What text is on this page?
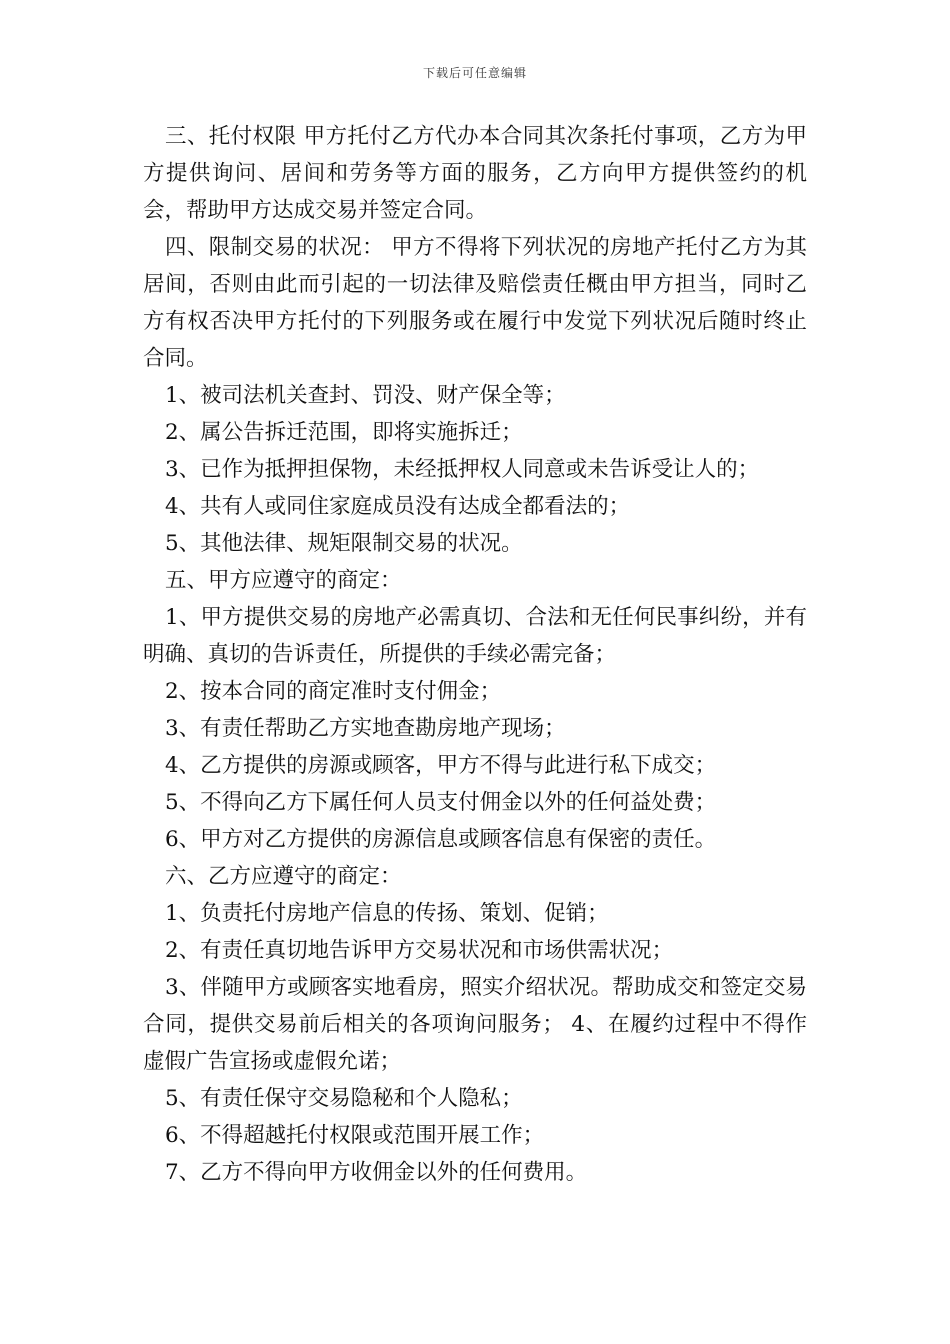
下载后可任意编辑

三、托付权限 甲方托付乙方代办本合同其次条托付事项，乙方为甲方提供询问、居间和劳务等方面的服务，乙方向甲方提供签约的机会，帮助甲方达成交易并签定合同。

四、限制交易的状况： 甲方不得将下列状况的房地产托付乙方为其居间，否则由此而引起的一切法律及赔偿责任概由甲方担当，同时乙方有权否决甲方托付的下列服务或在履行中发觉下列状况后随时终止合同。

1、被司法机关查封、罚没、财产保全等；

2、属公告拆迁范围，即将实施拆迁；

3、已作为抵押担保物，未经抵押权人同意或未告诉受让人的；

4、共有人或同住家庭成员没有达成全都看法的；

5、其他法律、规矩限制交易的状况。

五、甲方应遵守的商定：

1、甲方提供交易的房地产必需真切、合法和无任何民事纠纷，并有明确、真切的告诉责任，所提供的手续必需完备；

2、按本合同的商定准时支付佣金；

3、有责任帮助乙方实地查勘房地产现场；

4、乙方提供的房源或顾客，甲方不得与此进行私下成交；

5、不得向乙方下属任何人员支付佣金以外的任何益处费；

6、甲方对乙方提供的房源信息或顾客信息有保密的责任。

六、乙方应遵守的商定：

1、负责托付房地产信息的传扬、策划、促销；

2、有责任真切地告诉甲方交易状况和市场供需状况；

3、伴随甲方或顾客实地看房，照实介绍状况。帮助成交和签定交易合同，提供交易前后相关的各项询问服务； 4、在履约过程中不得作虚假广告宣扬或虚假允诺；

5、有责任保守交易隐秘和个人隐私；

6、不得超越托付权限或范围开展工作；

7、乙方不得向甲方收佣金以外的任何费用。
